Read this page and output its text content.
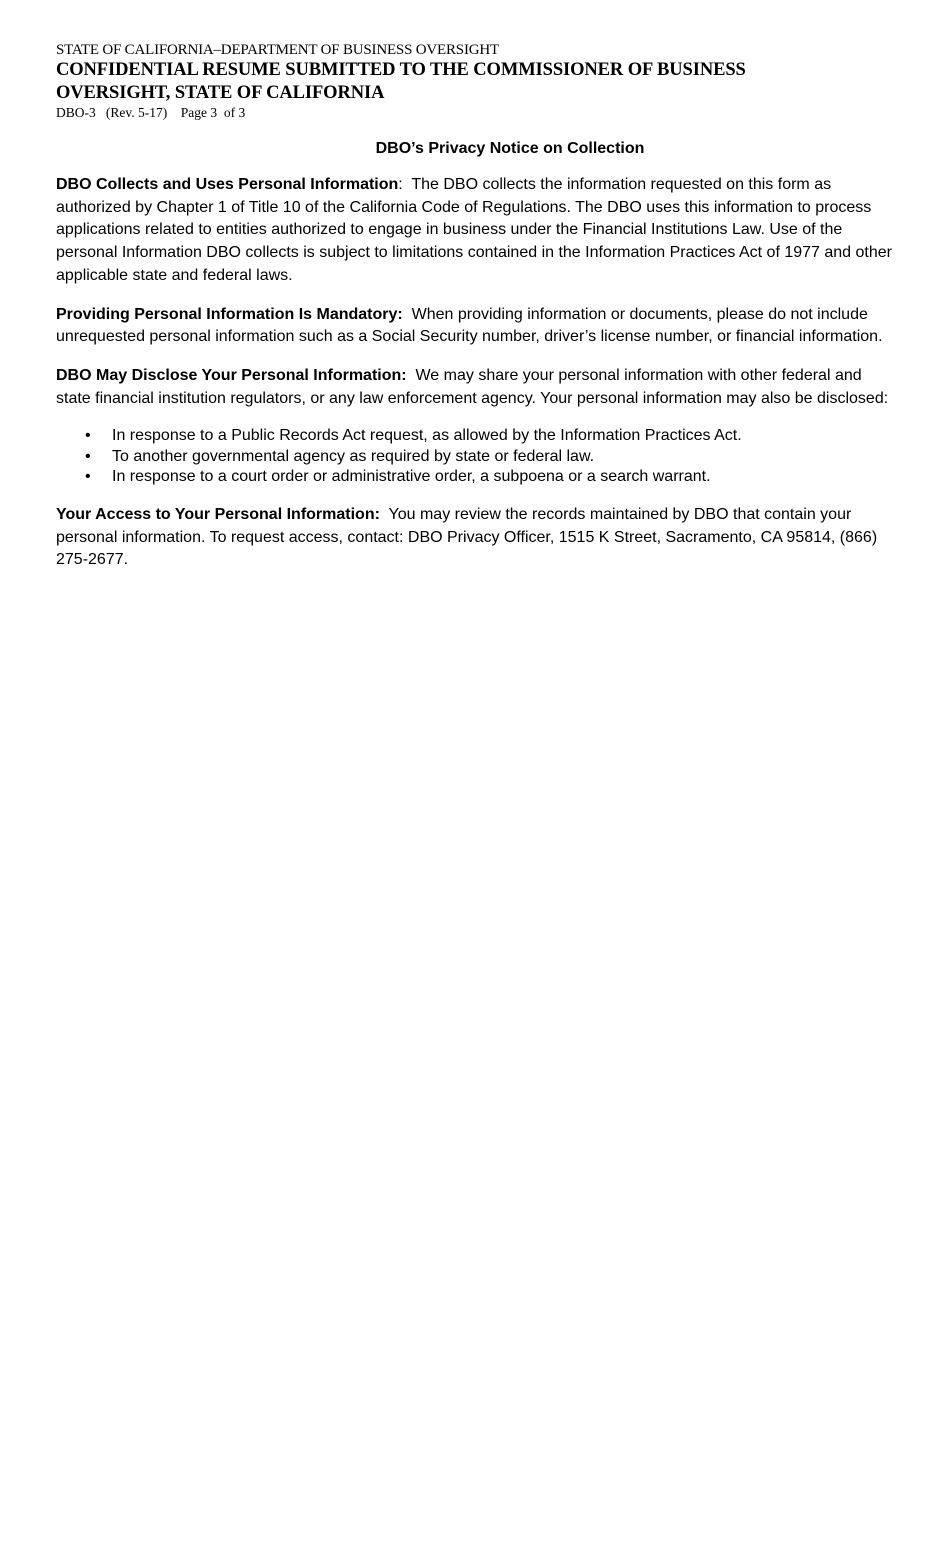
STATE OF CALIFORNIA–DEPARTMENT OF BUSINESS OVERSIGHT
CONFIDENTIAL RESUME SUBMITTED TO THE COMMISSIONER OF BUSINESS
OVERSIGHT, STATE OF CALIFORNIA
DBO-3   (Rev. 5-17)    Page 3  of 3
DBO’s Privacy Notice on Collection
DBO Collects and Uses Personal Information:  The DBO collects the information requested on this form as authorized by Chapter 1 of Title 10 of the California Code of Regulations. The DBO uses this information to process applications related to entities authorized to engage in business under the Financial Institutions Law. Use of the personal Information DBO collects is subject to limitations contained in the Information Practices Act of 1977 and other applicable state and federal laws.
Providing Personal Information Is Mandatory: When providing information or documents, please do not include unrequested personal information such as a Social Security number, driver’s license number, or financial information.
DBO May Disclose Your Personal Information: We may share your personal information with other federal and state financial institution regulators, or any law enforcement agency. Your personal information may also be disclosed:
• In response to a Public Records Act request, as allowed by the Information Practices Act.
• To another governmental agency as required by state or federal law.
• In response to a court order or administrative order, a subpoena or a search warrant.
Your Access to Your Personal Information: You may review the records maintained by DBO that contain your personal information. To request access, contact: DBO Privacy Officer, 1515 K Street, Sacramento, CA 95814, (866) 275-2677.
